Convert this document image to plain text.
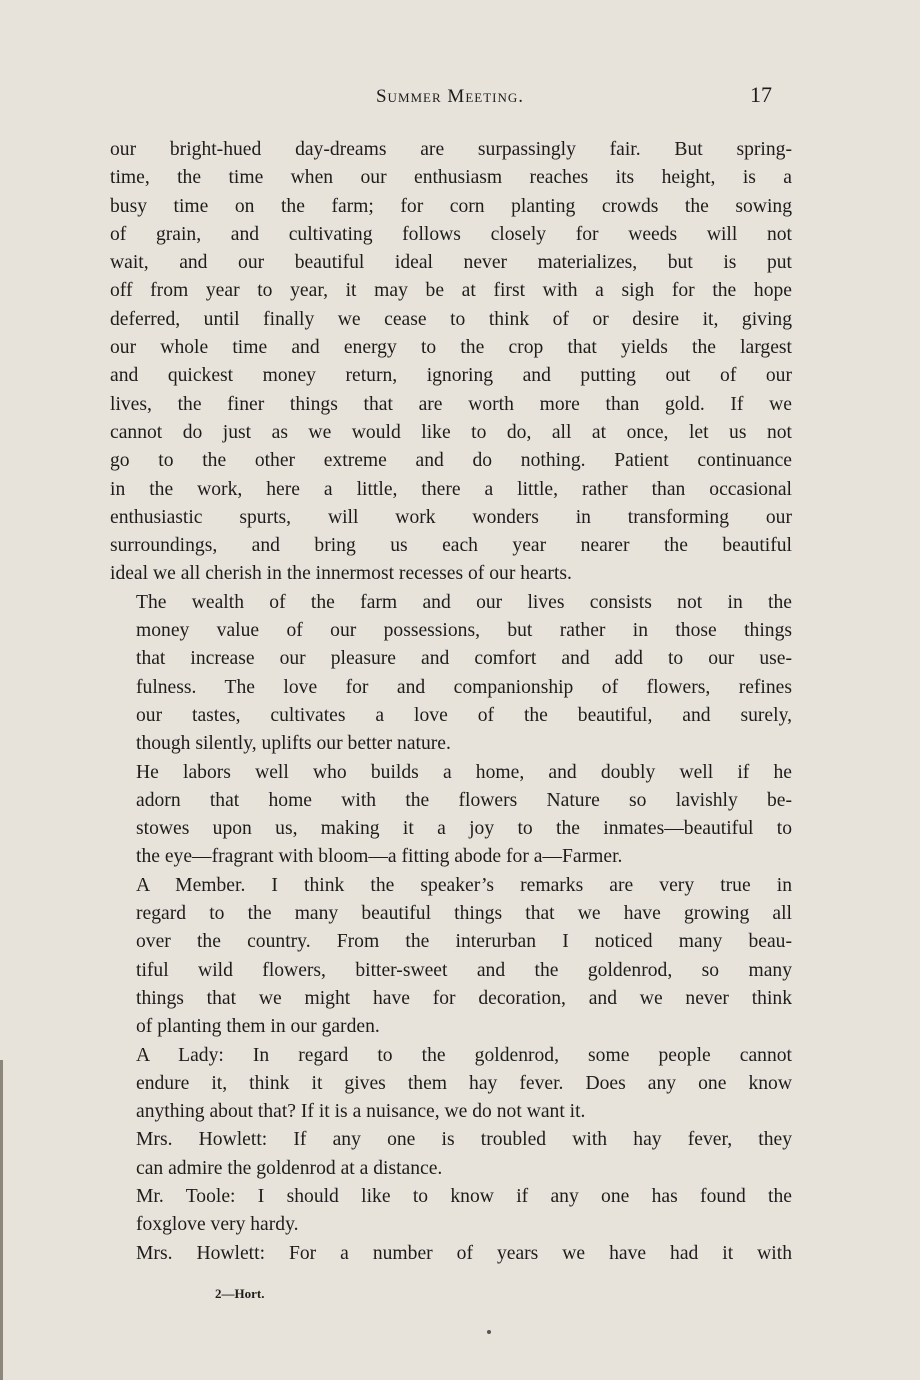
Summer Meeting.	17

our bright-hued day-dreams are surpassingly fair. But spring-
time, the time when our enthusiasm reaches its height, is a
busy time on the farm; for corn planting crowds the sowing
of grain, and cultivating follows closely for weeds will not
wait, and our beautiful ideal never materializes, but is put
off from year to year, it may be at first with a sigh for the hope
deferred, until finally we cease to think of or desire it, giving
our whole time and energy to the crop that yields the largest
and quickest money return, ignoring and putting out of our
lives, the finer things that are worth more than gold. If we
cannot do just as we would like to do, all at once, let us not
go to the other extreme and do nothing. Patient continuance
in the work, here a little, there a little, rather than occasional
enthusiastic spurts, will work wonders in transforming our
surroundings, and bring us each year nearer the beautiful
ideal we all cherish in the innermost recesses of our hearts.

The wealth of the farm and our lives consists not in the
money value of our possessions, but rather in those things
that increase our pleasure and comfort and add to our use-
fulness. The love for and companionship of flowers, refines
our tastes, cultivates a love of the beautiful, and surely,
though silently, uplifts our better nature.

He labors well who builds a home, and doubly well if he
adorn that home with the flowers Nature so lavishly be-
stowes upon us, making it a joy to the inmates—beautiful to
the eye—fragrant with bloom—a fitting abode for a—Farmer.

A Member. I think the speaker’s remarks are very true in
regard to the many beautiful things that we have growing all
over the country. From the interurban I noticed many beau-
tiful wild flowers, bitter-sweet and the goldenrod, so many
things that we might have for decoration, and we never think
of planting them in our garden.

A Lady: In regard to the goldenrod, some people cannot
endure it, think it gives them hay fever. Does any one know
anything about that? If it is a nuisance, we do not want it.

Mrs. Howlett: If any one is troubled with hay fever, they
can admire the goldenrod at a distance.

Mr. Toole: I should like to know if any one has found the
foxglove very hardy.

Mrs. Howlett: For a number of years we have had it with

2—Hort.
